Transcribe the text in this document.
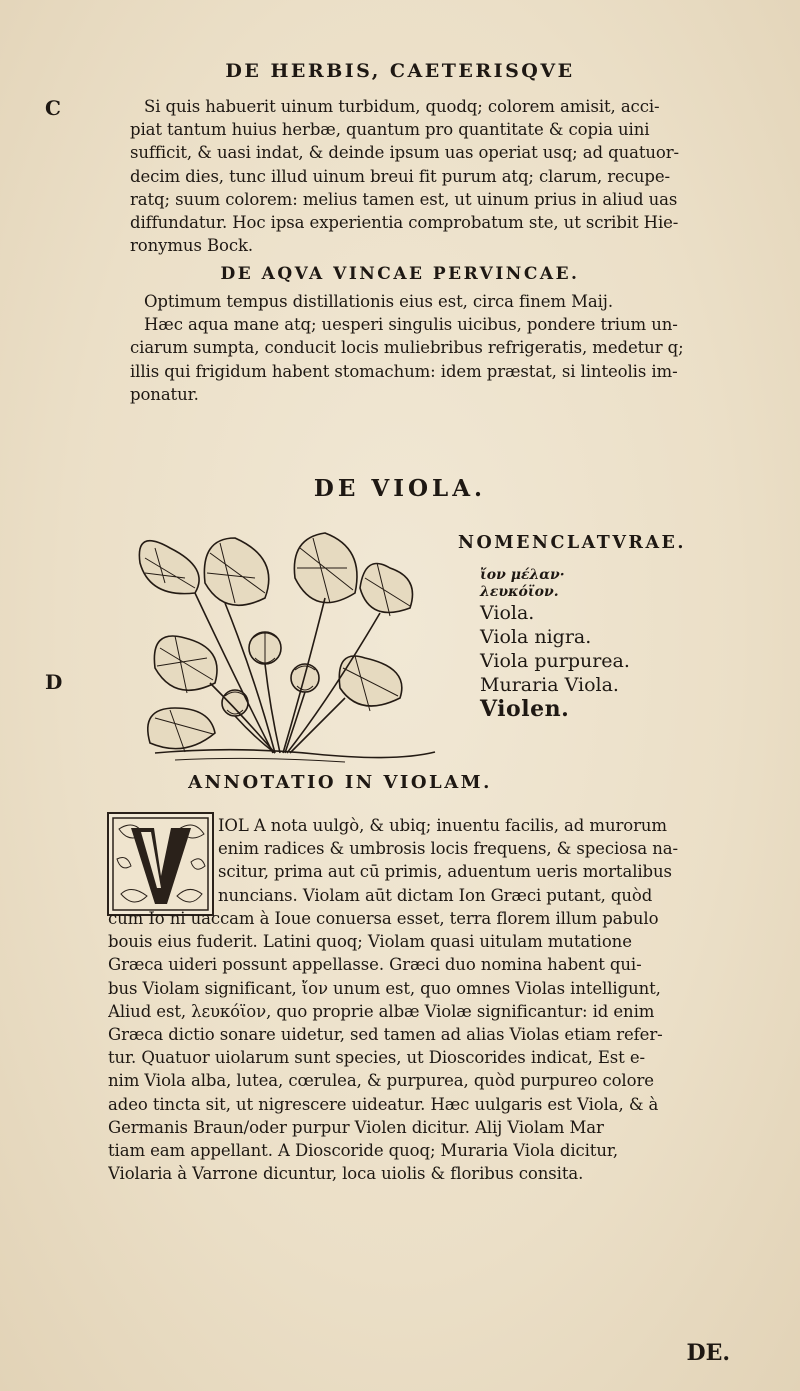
DE HERBIS, CAETERISQVE
C
D
Si quis habuerit uinum turbidum, quodq; colorem amisit, acci-
piat tantum huius herbæ, quantum pro quantitate & copia uini
sufficit, & uasi indat, & deinde ipsum uas operiat usq; ad quatuor-
decim dies, tunc illud uinum breui fit purum atq; clarum, recupe-
ratq; suum colorem: melius tamen est, ut uinum prius in aliud uas
diffundatur. Hoc ipsa experientia comprobatum ste, ut scribit Hie-
ronymus Bock.
DE AQVA VINCAE PERVINCAE.
Optimum tempus distillationis eius est, circa finem Maij.
Hæc aqua mane atq; uesperi singulis uicibus, pondere trium un-
ciarum sumpta, conducit locis muliebribus refrigeratis, medetur q;
illis qui frigidum habent stomachum: idem præstat, si linteolis im-
ponatur.
DE VIOLA.
NOMENCLATVRAE.
ἴον μέλαν·
λευκόϊον.
Viola.
Viola nigra.
Viola purpurea.
Muraria Viola.
Violen.
ANNOTATIO IN VIOLAM.
IOL A nota uulgò, & ubiq; inuentu facilis, ad murorum
enim radices & umbrosis locis frequens, & speciosa na-
scitur, prima aut cū primis, aduentum ueris mortalibus
nuncians. Violam aūt dictam Ion Græci putant, quòd
cum Io ni uaccam à Ioue conuersa esset, terra florem illum pabulo
bouis eius fuderit. Latini quoq; Violam quasi uitulam mutatione
Græca uideri possunt appellasse. Græci duo nomina habent qui-
bus Violam significant, ἴον unum est, quo omnes Violas intelligunt,
Aliud est, λευκόϊον, quo proprie albæ Violæ significantur: id enim
Græca dictio sonare uidetur, sed tamen ad alias Violas etiam refer-
tur. Quatuor uiolarum sunt species, ut Dioscorides indicat, Est e-
nim Viola alba, lutea, cœrulea, & purpurea, quòd purpureo colore
adeo tincta sit, ut nigrescere uideatur. Hæc uulgaris est Viola, & à
Germanis Braun/oder purpur Violen dicitur. Alij Violam Mar
tiam eam appellant. A Dioscoride quoq; Muraria Viola dicitur,
Violaria à Varrone dicuntur, loca uiolis & floribus consita.
DE.
